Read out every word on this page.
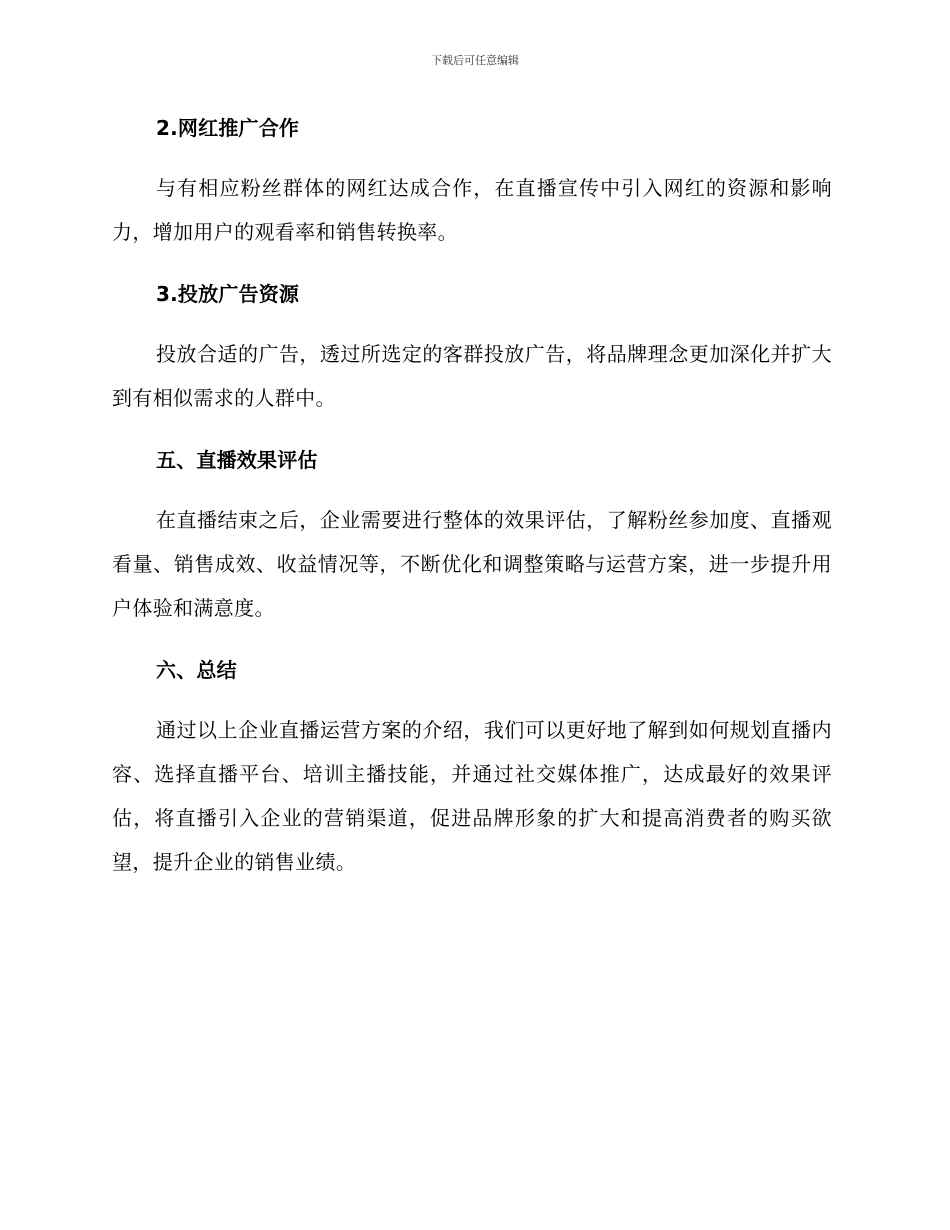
下载后可任意编辑
2.网红推广合作

与有相应粉丝群体的网红达成合作，在直播宣传中引入网红的资源和影响力，增加用户的观看率和销售转换率。

3.投放广告资源

投放合适的广告，透过所选定的客群投放广告，将品牌理念更加深化并扩大到有相似需求的人群中。

五、直播效果评估

在直播结束之后，企业需要进行整体的效果评估，了解粉丝参加度、直播观看量、销售成效、收益情况等，不断优化和调整策略与运营方案，进一步提升用户体验和满意度。

六、总结

通过以上企业直播运营方案的介绍，我们可以更好地了解到如何规划直播内容、选择直播平台、培训主播技能，并通过社交媒体推广，达成最好的效果评估，将直播引入企业的营销渠道，促进品牌形象的扩大和提高消费者的购买欲望，提升企业的销售业绩。
